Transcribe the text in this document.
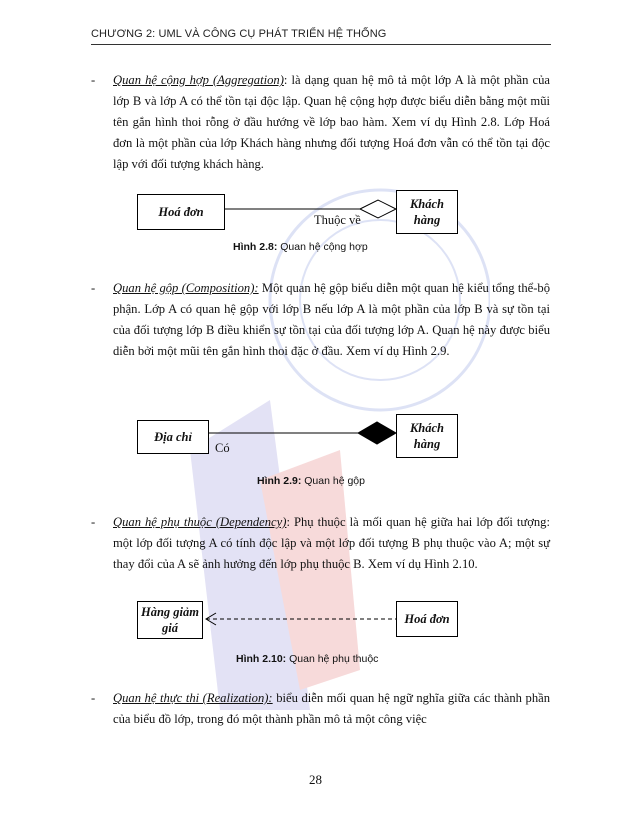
CHƯƠNG 2: UML VÀ CÔNG CỤ PHÁT TRIỂN HỆ THỐNG
- Quan hệ cộng hợp (Aggregation): là dạng quan hệ mô tả một lớp A là một phần của lớp B và lớp A có thể tồn tại độc lập. Quan hệ cộng hợp được biểu diễn bằng một mũi tên gắn hình thoi rỗng ở đầu hướng về lớp bao hàm. Xem ví dụ Hình 2.8. Lớp Hoá đơn là một phần của lớp Khách hàng nhưng đối tượng Hoá đơn vẫn có thể tồn tại độc lập với đối tượng khách hàng.
Hoá đơn
Khách hàng
Thuộc về
Hình 2.8: Quan hệ cộng hợp
- Quan hệ gộp (Composition): Một quan hệ gộp biểu diễn một quan hệ kiểu tổng thể-bộ phận. Lớp A có quan hệ gộp với lớp B nếu lớp A là một phần của lớp B và sự tồn tại của đối tượng lớp B điều khiển sự tồn tại của đối tượng lớp A. Quan hệ này được biểu diễn bởi một mũi tên gắn hình thoi đặc ở đầu. Xem ví dụ Hình 2.9.
Địa chỉ
Khách hàng
Có
Hình 2.9: Quan hệ gộp
- Quan hệ phụ thuộc (Dependency): Phụ thuộc là mối quan hệ giữa hai lớp đối tượng: một lớp đối tượng A có tính độc lập và một lớp đối tượng B phụ thuộc vào A; một sự thay đổi của A sẽ ảnh hưởng đến lớp phụ thuộc B. Xem ví dụ Hình 2.10.
Hàng giảm giá
Hoá đơn
Hình 2.10: Quan hệ phụ thuộc
- Quan hệ thực thi (Realization): biểu diễn mối quan hệ ngữ nghĩa giữa các thành phần của biểu đồ lớp, trong đó một thành phần mô tả một công việc
28
